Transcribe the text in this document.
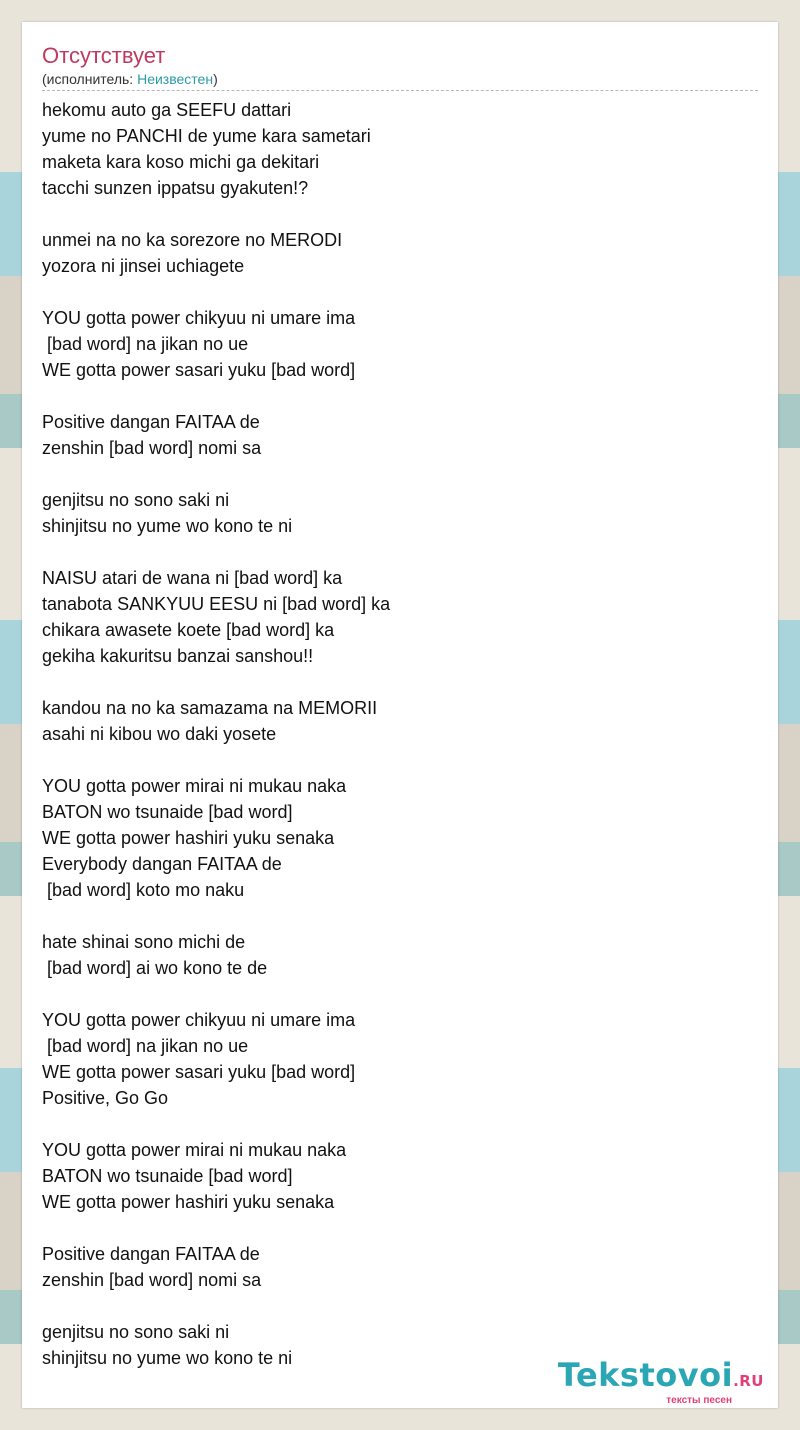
Отсутствует
(исполнитель: Неизвестен)
hekomu auto ga SEEFU dattari
yume no PANCHI de yume kara sametari
maketa kara koso michi ga dekitari
tacchi sunzen ippatsu gyakuten!?
unmei na no ka sorezore no MERODI
yozora ni jinsei uchiagete
YOU gotta power chikyuu ni umare ima
[bad word] na jikan no ue
WE gotta power sasari yuku [bad word]
Positive dangan FAITAA de
zenshin [bad word] nomi sa
genjitsu no sono saki ni
shinjitsu no yume wo kono te ni
NAISU atari de wana ni [bad word] ka
tanabota SANKYUU EESU ni [bad word] ka
chikara awasete koete [bad word] ka
gekiha kakuritsu banzai sanshou!!
kandou na no ka samazama na MEMORII
asahi ni kibou wo daki yosete
YOU gotta power mirai ni mukau naka
BATON wo tsunaide [bad word]
WE gotta power hashiri yuku senaka
Everybody dangan FAITAA de
[bad word] koto mo naku
hate shinai sono michi de
[bad word] ai wo kono te de
YOU gotta power chikyuu ni umare ima
[bad word] na jikan no ue
WE gotta power sasari yuku [bad word]
Positive, Go Go
YOU gotta power mirai ni mukau naka
BATON wo tsunaide [bad word]
WE gotta power hashiri yuku senaka
Positive dangan FAITAA de
zenshin [bad word] nomi sa
genjitsu no sono saki ni
shinjitsu no yume wo kono te ni	Tekstovoi.RU
тексты песен
